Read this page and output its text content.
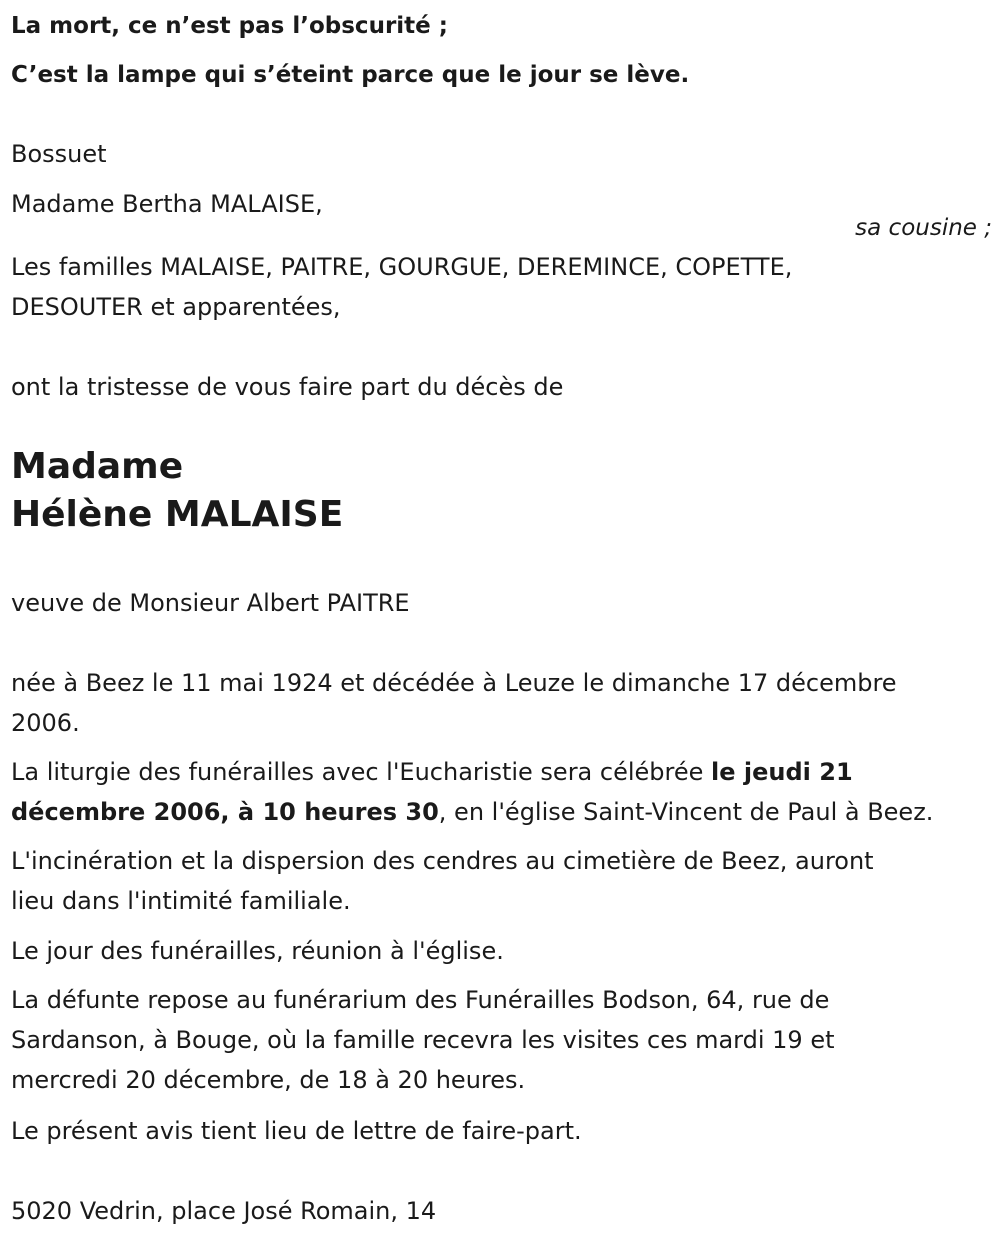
La mort, ce n’est pas l’obscurité ;

C’est la lampe qui s’éteint parce que le jour se lève.

Bossuet

Madame Bertha MALAISE,

sa cousine ;

Les familles MALAISE, PAITRE, GOURGUE, DEREMINCE, COPETTE,

DESOUTER et apparentées,

ont la tristesse de vous faire part du décès de

Madame

Hélène MALAISE

veuve de Monsieur Albert PAITRE

née à Beez le 11 mai 1924 et décédée à Leuze le dimanche 17 décembre

2006.

La liturgie des funérailles avec l'Eucharistie sera célébrée le jeudi 21

décembre 2006, à 10 heures 30, en l'église Saint-Vincent de Paul à Beez.

L'incinération et la dispersion des cendres au cimetière de Beez, auront

lieu dans l'intimité familiale.

Le jour des funérailles, réunion à l'église.

La défunte repose au funérarium des Funérailles Bodson, 64, rue de

Sardanson, à Bouge, où la famille recevra les visites ces mardi 19 et

mercredi 20 décembre, de 18 à 20 heures.

Le présent avis tient lieu de lettre de faire-part.

5020 Vedrin, place José Romain, 14
